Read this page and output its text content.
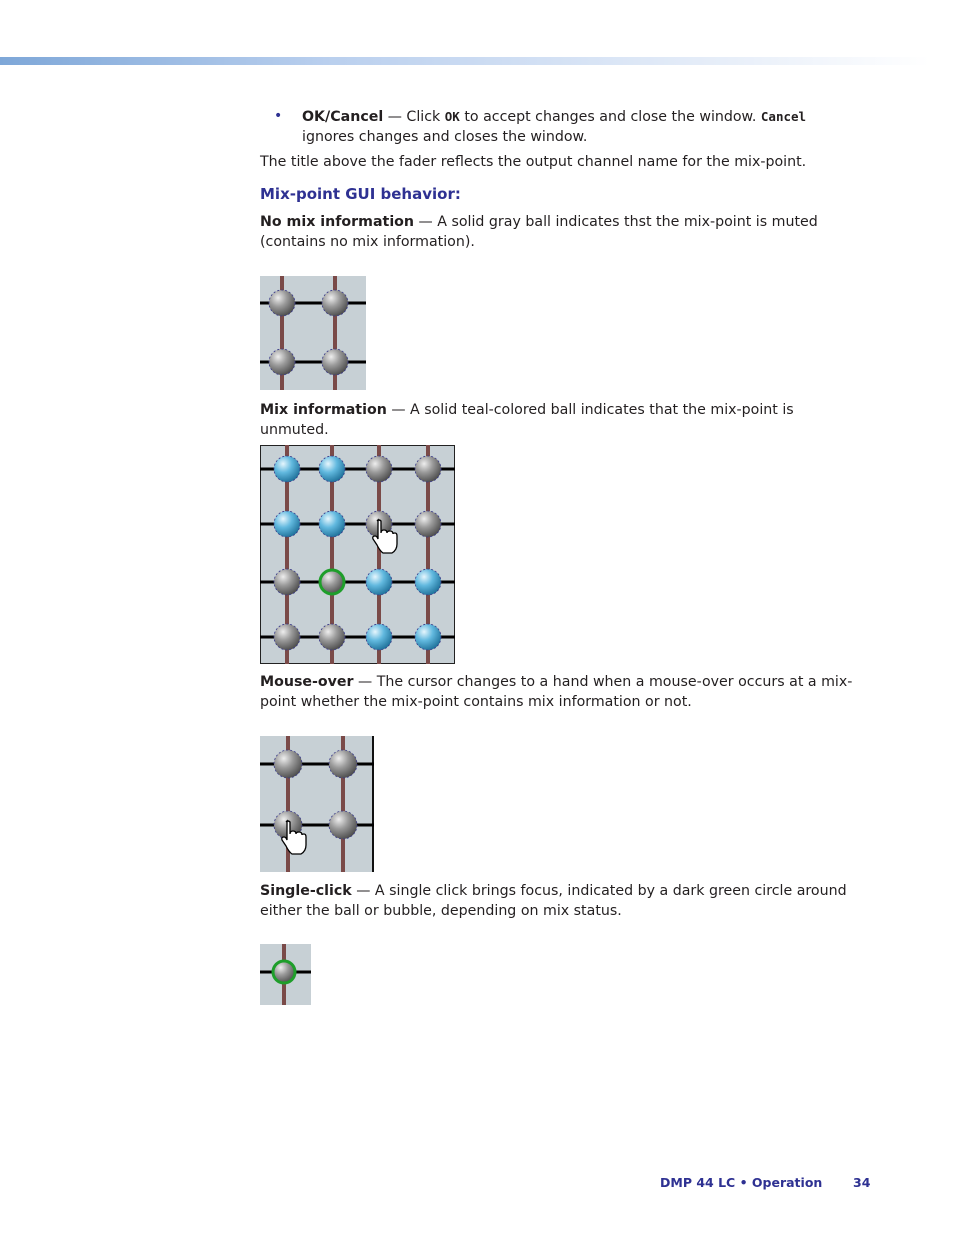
• OK/Cancel — Click OK to accept changes and close the window. Cancel ignores changes and closes the window.

The title above the fader reflects the output channel name for the mix-point.

Mix-point GUI behavior:

No mix information — A solid gray ball indicates thst the mix-point is muted (contains no mix information).

Mix information — A solid teal-colored ball indicates that the mix-point is unmuted.

Mouse-over — The cursor changes to a hand when a mouse-over occurs at a mix-point whether the mix-point contains mix information or not.

Single-click — A single click brings focus, indicated by a dark green circle around either the ball or bubble, depending on mix status.

DMP 44 LC • Operation 34
